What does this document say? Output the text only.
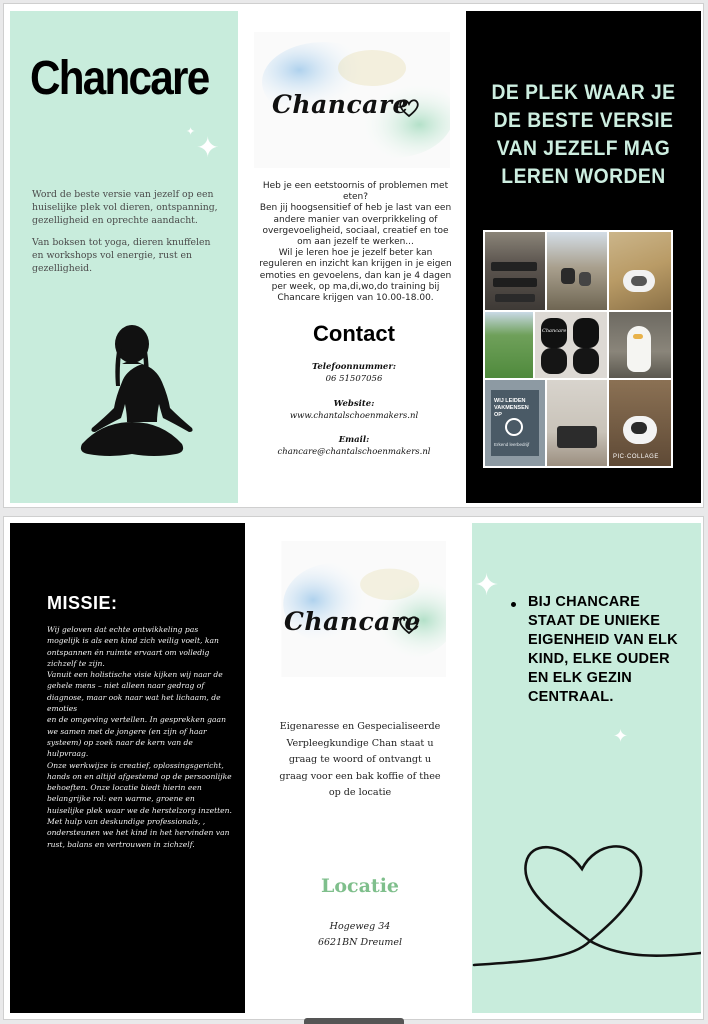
Chancare
✦
✦
Word de beste versie van jezelf op een huiselijke plek vol dieren, ontspanning, gezelligheid en oprechte aandacht.
Van boksen tot yoga, dieren knuffelen en workshops vol energie, rust en gezelligheid.
Chancare
Heb je een eetstoornis of problemen met eten?
Ben jij hoogsensitief of heb je last van een andere manier van overprikkeling of overgevoeligheid, sociaal, creatief en toe om aan jezelf te werken...
Wil je leren hoe je jezelf beter kan reguleren en inzicht kan krijgen in je eigen emoties en gevoelens, dan kan je 4 dagen per week, op ma,di,wo,do training bij Chancare krijgen van 10.00-18.00.
Contact
Telefoonnummer:
06 51507056
Website:
www.chantalschoenmakers.nl
Email:
chancare@chantalschoenmakers.nl
DE PLEK WAAR JE DE BESTE VERSIE VAN JEZELF MAG LEREN WORDEN
Chancare
WIJ LEIDEN VAKMENSEN OP
Erkend leerbedrijf
PIC·COLLAGE
MISSIE:
Wij geloven dat echte ontwikkeling pas mogelijk is als een kind zich veilig voelt, kan ontspannen én ruimte ervaart om volledig zichzelf te zijn.
Vanuit een holistische visie kijken wij naar de gehele mens – niet alleen naar gedrag of diagnose, maar ook naar wat het lichaam, de emoties
en de omgeving vertellen. In gesprekken gaan we samen met de jongere (en zijn of haar systeem) op zoek naar de kern van de hulpvraag.
Onze werkwijze is creatief, oplossingsgericht, hands on en altijd afgestemd op de persoonlijke behoeften. Onze locatie biedt hierin een belangrijke rol: een warme, groene en huiselijke plek waar we de herstelzorg inzetten.
Met hulp van deskundige professionals, , ondersteunen we het kind in het hervinden van rust, balans en vertrouwen in zichzelf.
Chancare
Eigenaresse en Gespecialiseerde Verpleegkundige Chan staat u graag te woord of ontvangt u graag voor een bak koffie of thee op de locatie
Locatie
Hogeweg 34
6621BN Dreumel
✦
✦
BIJ CHANCARE STAAT DE UNIEKE EIGENHEID VAN ELK KIND, ELKE OUDER EN ELK GEZIN CENTRAAL.
